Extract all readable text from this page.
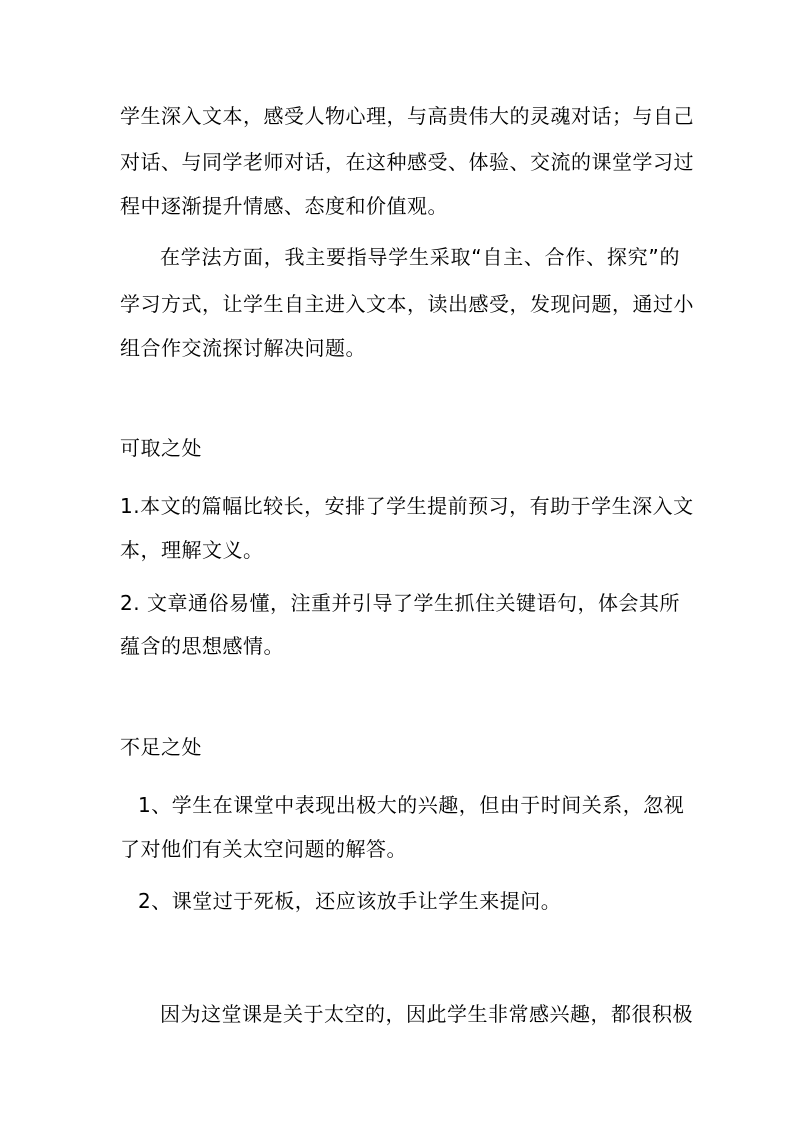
学生深入文本，感受人物心理，与高贵伟大的灵魂对话；与自己
对话、与同学老师对话，在这种感受、体验、交流的课堂学习过
程中逐渐提升情感、态度和价值观。
在学法方面，我主要指导学生采取“自主、合作、探究”的
学习方式，让学生自主进入文本，读出感受，发现问题，通过小
组合作交流探讨解决问题。
可取之处
1.本文的篇幅比较长，安排了学生提前预习，有助于学生深入文
本，理解文义。
2. 文章通俗易懂，注重并引导了学生抓住关键语句，体会其所
蕴含的思想感情。
不足之处
1、学生在课堂中表现出极大的兴趣，但由于时间关系，忽视
了对他们有关太空问题的解答。
2、课堂过于死板，还应该放手让学生来提问。
因为这堂课是关于太空的，因此学生非常感兴趣，都很积极
